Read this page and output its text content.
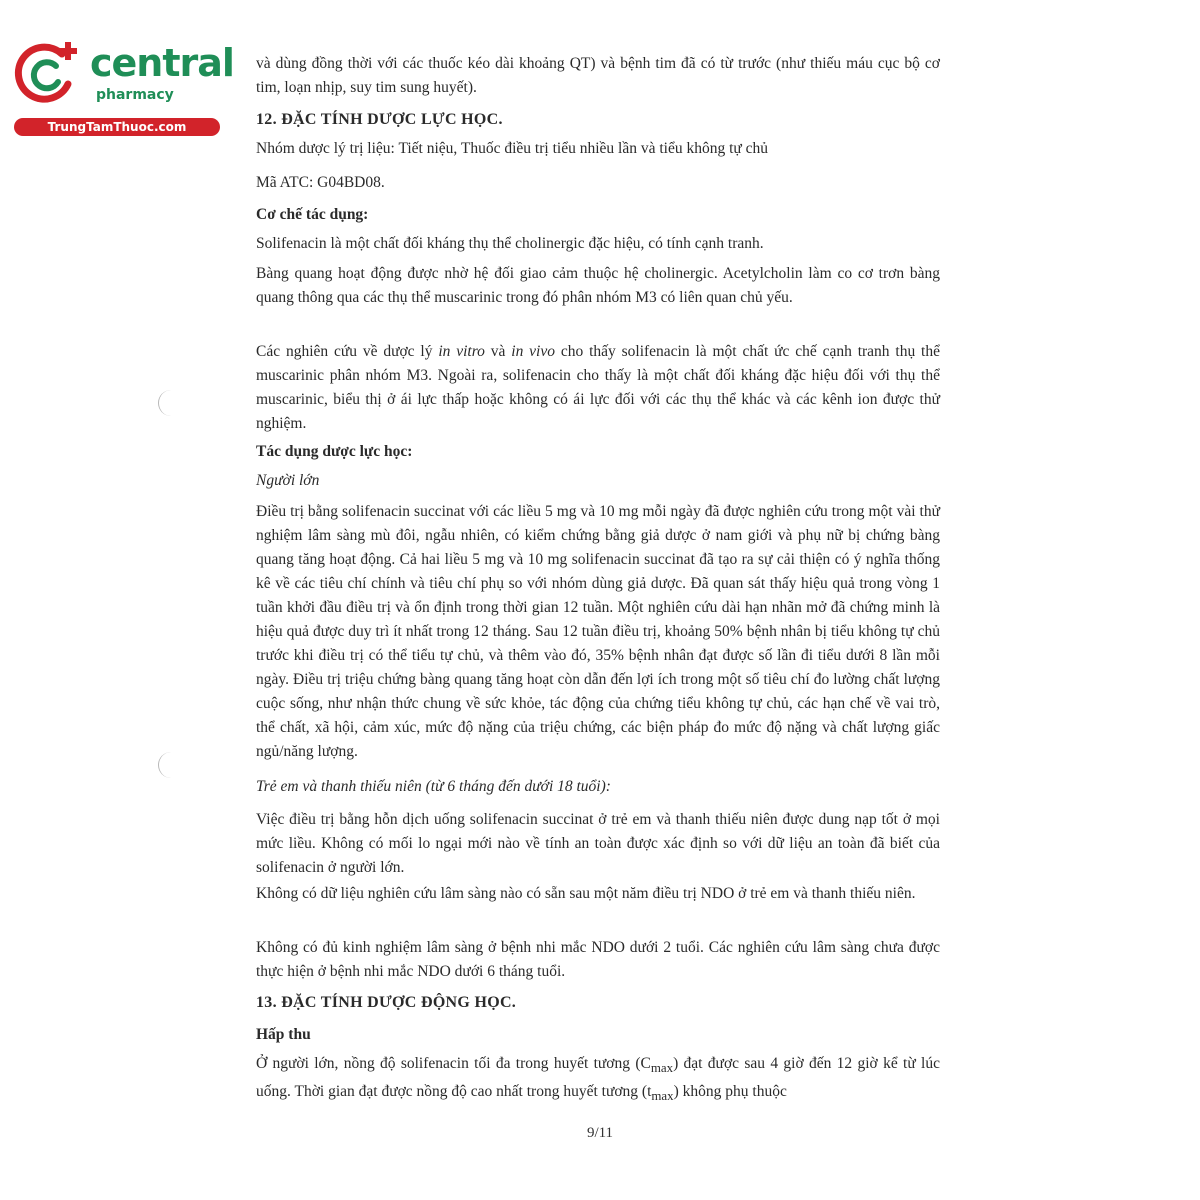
central
pharmacy
TrungTamThuoc.com

và dùng đồng thời với các thuốc kéo dài khoảng QT) và bệnh tim đã có từ trước (như thiếu máu cục bộ cơ tim, loạn nhịp, suy tim sung huyết).

12. ĐẶC TÍNH DƯỢC LỰC HỌC.

Nhóm dược lý trị liệu: Tiết niệu, Thuốc điều trị tiểu nhiều lần và tiểu không tự chủ

Mã ATC: G04BD08.

Cơ chế tác dụng:

Solifenacin là một chất đối kháng thụ thể cholinergic đặc hiệu, có tính cạnh tranh.

Bàng quang hoạt động được nhờ hệ đối giao cảm thuộc hệ cholinergic. Acetylcholin làm co cơ trơn bàng quang thông qua các thụ thể muscarinic trong đó phân nhóm M3 có liên quan chủ yếu.

Các nghiên cứu về dược lý in vitro và in vivo cho thấy solifenacin là một chất ức chế cạnh tranh thụ thể muscarinic phân nhóm M3. Ngoài ra, solifenacin cho thấy là một chất đối kháng đặc hiệu đối với thụ thể muscarinic, biểu thị ở ái lực thấp hoặc không có ái lực đối với các thụ thể khác và các kênh ion được thử nghiệm.

Tác dụng dược lực học:
Người lớn

Điều trị bằng solifenacin succinat với các liều 5 mg và 10 mg mỗi ngày đã được nghiên cứu trong một vài thử nghiệm lâm sàng mù đôi, ngẫu nhiên, có kiểm chứng bằng giả dược ở nam giới và phụ nữ bị chứng bàng quang tăng hoạt động. Cả hai liều 5 mg và 10 mg solifenacin succinat đã tạo ra sự cải thiện có ý nghĩa thống kê về các tiêu chí chính và tiêu chí phụ so với nhóm dùng giả dược. Đã quan sát thấy hiệu quả trong vòng 1 tuần khởi đầu điều trị và ổn định trong thời gian 12 tuần. Một nghiên cứu dài hạn nhãn mở đã chứng minh là hiệu quả được duy trì ít nhất trong 12 tháng. Sau 12 tuần điều trị, khoảng 50% bệnh nhân bị tiểu không tự chủ trước khi điều trị có thể tiểu tự chủ, và thêm vào đó, 35% bệnh nhân đạt được số lần đi tiểu dưới 8 lần mỗi ngày. Điều trị triệu chứng bàng quang tăng hoạt còn dẫn đến lợi ích trong một số tiêu chí đo lường chất lượng cuộc sống, như nhận thức chung về sức khỏe, tác động của chứng tiểu không tự chủ, các hạn chế về vai trò, thể chất, xã hội, cảm xúc, mức độ nặng của triệu chứng, các biện pháp đo mức độ nặng và chất lượng giấc ngủ/năng lượng.

Trẻ em và thanh thiếu niên (từ 6 tháng đến dưới 18 tuổi):

Việc điều trị bằng hỗn dịch uống solifenacin succinat ở trẻ em và thanh thiếu niên được dung nạp tốt ở mọi mức liều. Không có mối lo ngại mới nào về tính an toàn được xác định so với dữ liệu an toàn đã biết của solifenacin ở người lớn.

Không có dữ liệu nghiên cứu lâm sàng nào có sẵn sau một năm điều trị NDO ở trẻ em và thanh thiếu niên.

Không có đủ kinh nghiệm lâm sàng ở bệnh nhi mắc NDO dưới 2 tuổi. Các nghiên cứu lâm sàng chưa được thực hiện ở bệnh nhi mắc NDO dưới 6 tháng tuổi.

13. ĐẶC TÍNH DƯỢC ĐỘNG HỌC.
Hấp thu

Ở người lớn, nồng độ solifenacin tối đa trong huyết tương $(C_{max})$ đạt được sau 4 giờ đến 12 giờ kể từ lúc uống. Thời gian đạt được nồng độ cao nhất trong huyết tương $(t_{max})$ không phụ thuộc

9/11
